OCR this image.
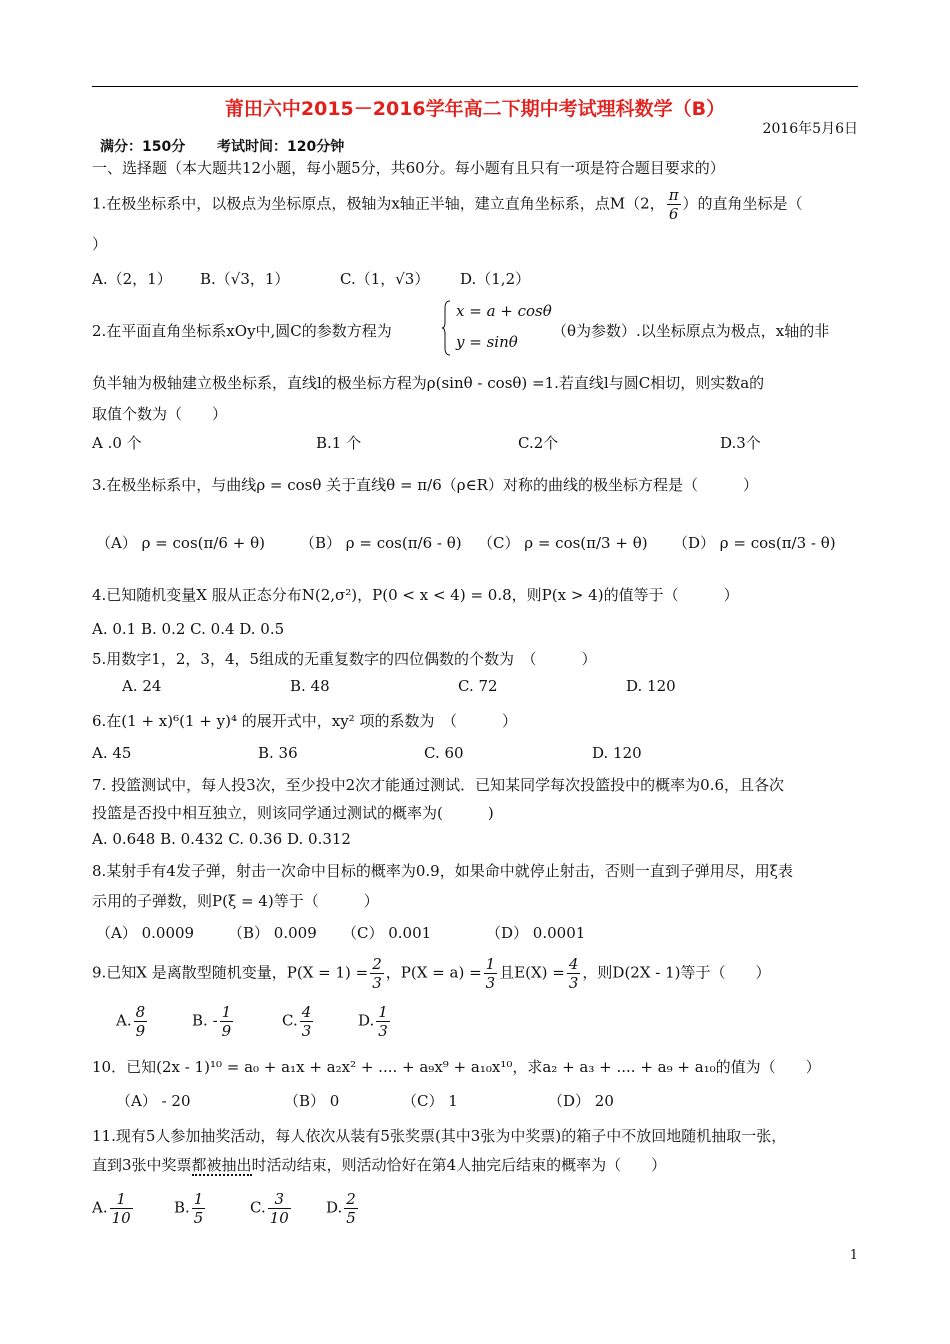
莆田六中2015－2016学年高二下期中考试理科数学（B）
2016年5月6日
满分：150分 考试时间：120分钟
一、选择题（本大题共12小题，每小题5分，共60分。每小题有且只有一项是符合题目要求的）
1.在极坐标系中，以极点为坐标原点，极轴为x轴正半轴，建立直角坐标系，点M（2， $\frac{\pi}{6}$ ）的直角坐标是（
）
A.（2，1） B.（√3，1）	C.（1，√3） D.（1,2）
2.在平面直角坐标系xOy中,圆C的参数方程为
x = a + cosθ
y = sinθ
（θ为参数）.以坐标原点为极点，x轴的非
负半轴为极轴建立极坐标系，直线l的极坐标方程为ρ(sinθ - cosθ) =1.若直线l与圆C相切，则实数a的
取值个数为（　　）
A .0 个	B.1 个	C.2个	D.3个
3.在极坐标系中，与曲线ρ = cosθ 关于直线θ = π/6（ρ∈R）对称的曲线的极坐标方程是（　　　）
（A） ρ = cos(π/6 + θ) （B） ρ = cos(π/6 - θ) （C） ρ = cos(π/3 + θ) （D） ρ = cos(π/3 - θ)
4.已知随机变量X 服从正态分布N(2,σ²)，P(0 < x < 4) = 0.8，则P(x > 4)的值等于（　　　）
A. 0.1 B. 0.2 C. 0.4 D. 0.5
5.用数字1，2，3，4，5组成的无重复数字的四位偶数的个数为　（　　　）
A. 24	B. 48	C. 72	D. 120
6.在(1 + x)⁶(1 + y)⁴ 的展开式中，xy² 项的系数为　（　　　）
A. 45	B. 36	C. 60	D. 120
7. 投篮测试中，每人投3次，至少投中2次才能通过测试．已知某同学每次投篮投中的概率为0.6，且各次
投篮是否投中相互独立，则该同学通过测试的概率为(　　　)
A. 0.648 B. 0.432 C. 0.36 D. 0.312
8.某射手有4发子弹，射击一次命中目标的概率为0.9，如果命中就停止射击，否则一直到子弹用尽，用ξ表
示用的子弹数，则P(ξ = 4)等于（　　　）
（A） 0.0009 （B） 0.009 （C） 0.001	（D） 0.0001
9.已知X 是离散型随机变量，$P(X = 1) = \frac{2}{3}$ ，$P(X = a) = \frac{1}{3}$ 且$E(X) = \frac{4}{3}$ ，则D(2X - 1)等于（　　）
A. $\frac{8}{9}$	B. - $\frac{1}{9}$	C. $\frac{4}{3}$	D. $\frac{1}{3}$
10．已知(2x - 1)¹⁰ = a₀ + a₁x + a₂x² + .... + a₉x⁹ + a₁₀x¹⁰，求a₂ + a₃ + .... + a₉ + a₁₀的值为（　　）
（A） - 20	（B） 0	（C） 1	（D） 20
11.现有5人参加抽奖活动，每人依次从装有5张奖票(其中3张为中奖票)的箱子中不放回地随机抽取一张，
直到3张中奖票都被抽出时活动结束，则活动恰好在第4人抽完后结束的概率为（　　）
A. $\frac{1}{10}$	B. $\frac{1}{5}$	C. $\frac{3}{10} D$. $\frac{2}{5}$
1
